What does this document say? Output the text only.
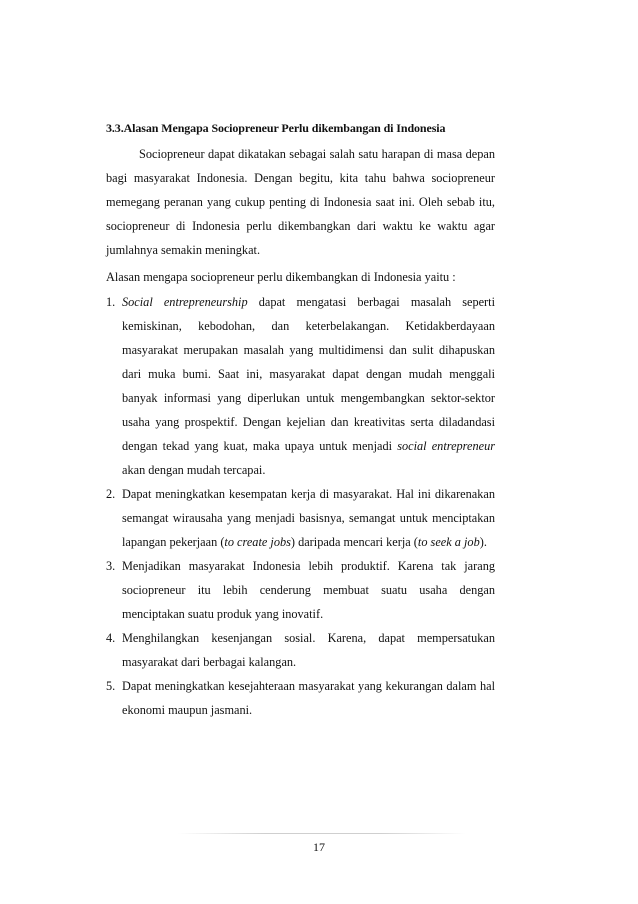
3.3.Alasan Mengapa Sociopreneur Perlu dikembangan di Indonesia

Sociopreneur dapat dikatakan sebagai salah satu harapan di masa depan bagi masyarakat Indonesia. Dengan begitu, kita tahu bahwa sociopreneur memegang peranan yang cukup penting di Indonesia saat ini. Oleh sebab itu, sociopreneur di Indonesia perlu dikembangkan dari waktu ke waktu agar jumlahnya semakin meningkat.

Alasan mengapa sociopreneur perlu dikembangkan di Indonesia yaitu :
1. Social entrepreneurship dapat mengatasi berbagai masalah seperti kemiskinan, kebodohan, dan keterbelakangan. Ketidakberdayaan masyarakat merupakan masalah yang multidimensi dan sulit dihapuskan dari muka bumi. Saat ini, masyarakat dapat dengan mudah menggali banyak informasi yang diperlukan untuk mengembangkan sektor-sektor usaha yang prospektif. Dengan kejelian dan kreativitas serta diladandasi dengan tekad yang kuat, maka upaya untuk menjadi social entrepreneur akan dengan mudah tercapai.
2. Dapat meningkatkan kesempatan kerja di masyarakat. Hal ini dikarenakan semangat wirausaha yang menjadi basisnya, semangat untuk menciptakan lapangan pekerjaan (to create jobs) daripada mencari kerja (to seek a job).
3. Menjadikan masyarakat Indonesia lebih produktif. Karena tak jarang sociopreneur itu lebih cenderung membuat suatu usaha dengan menciptakan suatu produk yang inovatif.
4. Menghilangkan kesenjangan sosial. Karena, dapat mempersatukan masyarakat dari berbagai kalangan.
5. Dapat meningkatkan kesejahteraan masyarakat yang kekurangan dalam hal ekonomi maupun jasmani.
17
